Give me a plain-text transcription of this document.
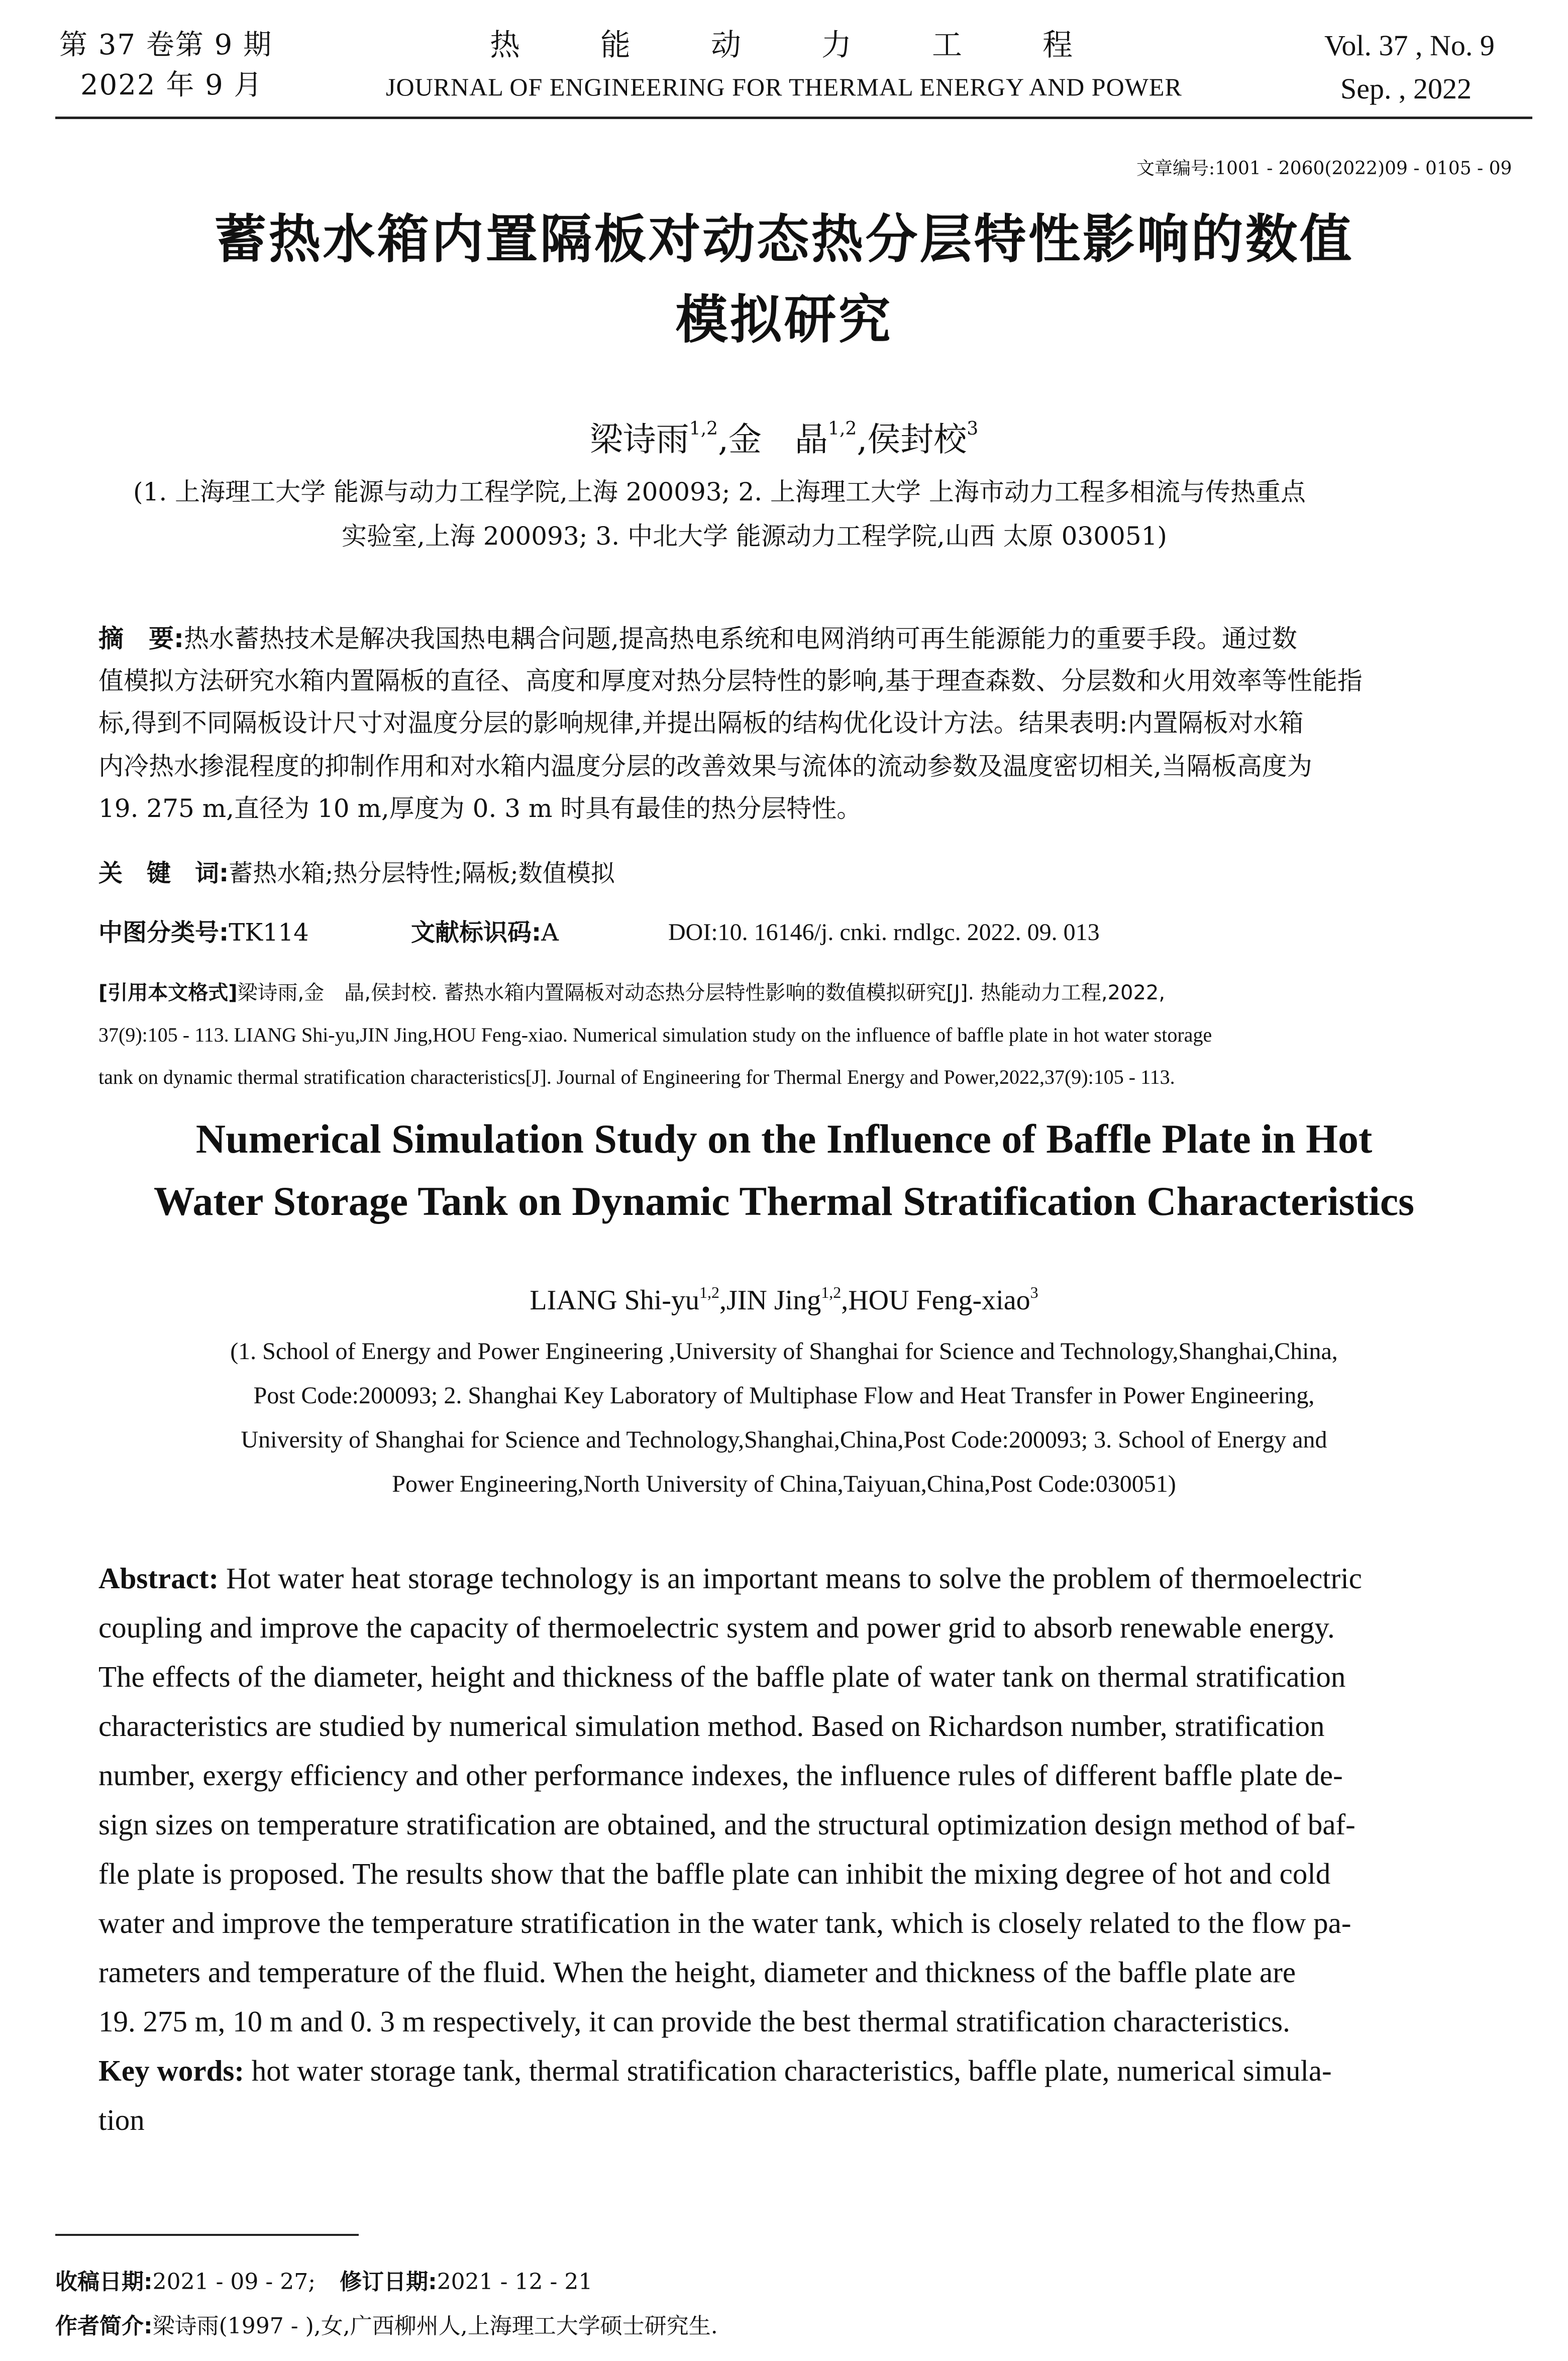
第 37 卷第 9 期
2022 年 9 月
热	能	动	力	工	程
JOURNAL OF ENGINEERING FOR THERMAL ENERGY AND POWER
Vol. 37 , No. 9
Sep. , 2022
文章编号:1001 - 2060(2022)09 - 0105 - 09
蓄热水箱内置隔板对动态热分层特性影响的数值
模拟研究
梁诗雨$^{1,2}$,金　晶$^{1,2}$,侯封校$^3$
(1. 上海理工大学 能源与动力工程学院,上海 200093; 2. 上海理工大学 上海市动力工程多相流与传热重点
实验室,上海 200093; 3. 中北大学 能源动力工程学院,山西 太原 030051)
摘　要:热水蓄热技术是解决我国热电耦合问题,提高热电系统和电网消纳可再生能源能力的重要手段。通过数
值模拟方法研究水箱内置隔板的直径、高度和厚度对热分层特性的影响,基于理查森数、分层数和火用效率等性能指
标,得到不同隔板设计尺寸对温度分层的影响规律,并提出隔板的结构优化设计方法。结果表明:内置隔板对水箱
内冷热水掺混程度的抑制作用和对水箱内温度分层的改善效果与流体的流动参数及温度密切相关,当隔板高度为
19. 275 m,直径为 10 m,厚度为 0. 3 m 时具有最佳的热分层特性。
关　键　词:蓄热水箱;热分层特性;隔板;数值模拟
中图分类号:TK114	文献标识码:A	DOI:10. 16146/j. cnki. rndlgc. 2022. 09. 013
[引用本文格式]梁诗雨,金　晶,侯封校. 蓄热水箱内置隔板对动态热分层特性影响的数值模拟研究[J]. 热能动力工程,2022,
37(9):105 - 113. LIANG Shi-yu,JIN Jing,HOU Feng-xiao. Numerical simulation study on the influence of baffle plate in hot water storage
tank on dynamic thermal stratification characteristics[J]. Journal of Engineering for Thermal Energy and Power,2022,37(9):105 - 113.
Numerical Simulation Study on the Influence of Baffle Plate in Hot
Water Storage Tank on Dynamic Thermal Stratification Characteristics
LIANG Shi-yu$^{1,2}$,JIN Jing$^{1,2}$,HOU Feng-xiao$^3$
(1. School of Energy and Power Engineering ,University of Shanghai for Science and Technology,Shanghai,China,
Post Code:200093; 2. Shanghai Key Laboratory of Multiphase Flow and Heat Transfer in Power Engineering,
University of Shanghai for Science and Technology,Shanghai,China,Post Code:200093; 3. School of Energy and
Power Engineering,North University of China,Taiyuan,China,Post Code:030051)
Abstract: Hot water heat storage technology is an important means to solve the problem of thermoelectric
coupling and improve the capacity of thermoelectric system and power grid to absorb renewable energy.
The effects of the diameter, height and thickness of the baffle plate of water tank on thermal stratification
characteristics are studied by numerical simulation method. Based on Richardson number, stratification
number, exergy efficiency and other performance indexes, the influence rules of different baffle plate de-
sign sizes on temperature stratification are obtained, and the structural optimization design method of baf-
fle plate is proposed. The results show that the baffle plate can inhibit the mixing degree of hot and cold
water and improve the temperature stratification in the water tank, which is closely related to the flow pa-
rameters and temperature of the fluid. When the height, diameter and thickness of the baffle plate are
19. 275 m, 10 m and 0. 3 m respectively, it can provide the best thermal stratification characteristics.
Key words: hot water storage tank, thermal stratification characteristics, baffle plate, numerical simula-
tion
收稿日期:2021 - 09 - 27; 修订日期:2021 - 12 - 21
作者简介:梁诗雨(1997 - ),女,广西柳州人,上海理工大学硕士研究生.
